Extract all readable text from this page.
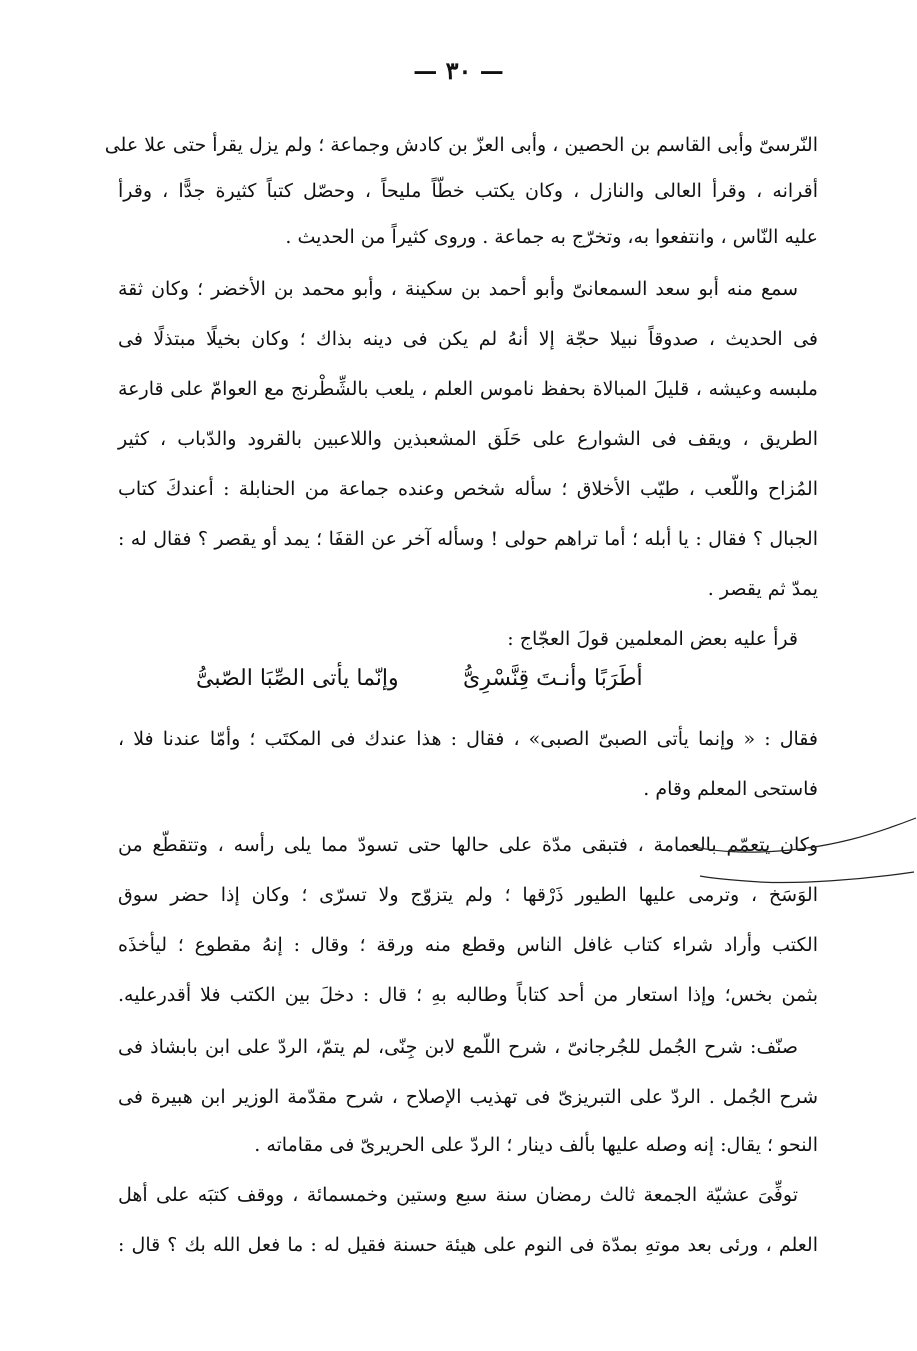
— ٣٠ —
النّرسىّ وأبى القاسم بن الحصين ، وأبى العزّ بن كادش وجماعة ؛ ولم يزل يقرأ حتى علا على
أقرانه ، وقرأ العالى والنازل ، وكان يكتب خطّاً مليحاً ، وحصّل كتباً كثيرة جدًّا ، وقرأ
عليه النّاس ، وانتفعوا به، وتخرّج به جماعة . وروى كثيراً من الحديث .
سمع منه أبو سعد السمعانىّ وأبو أحمد بن سكينة ، وأبو محمد بن الأخضر ؛ وكان ثقة
فى الحديث ، صدوقاً نبيلا حجّة إلا أنهُ لم يكن فى دينه بذاك ؛ وكان بخيلًا مبتذلًا فى
ملبسه وعيشه ، قليلَ المبالاة بحفظ ناموس العلم ، يلعب بالشِّطْرنج مع العوامّ على قارعة
الطريق ، ويقف فى الشوارع على حَلَق المشعبذين واللاعبين بالقرود والدّباب ، كثير
المُزاح واللّعب ، طيّب الأخلاق ؛ سأله شخص وعنده جماعة من الحنابلة : أعندكَ كتاب
الجبال ؟ فقال : يا أبله ؛ أما تراهم حولى ! وسأله آخر عن القفَا ؛ يمد أو يقصر ؟ فقال له :
يمدّ ثم يقصر .
قرأ عليه بعض المعلمين قولَ العجّاج :
أطَرَبًا وأنـتَ قِنَّسْرِىُّ
وإنّما يأتى الصِّبَا الصّبىُّ
فقال : « وإنما يأتى الصبىّ الصبى» ، فقال : هذا عندك فى المكتَب ؛ وأمّا عندنا فلا ،
فاستحى المعلم وقام .
وكان يتعمّم بالعمامة ، فتبقى مدّة على حالها حتى تسودّ مما يلى رأسه ، وتتقطّع من
الوَسَخ ، وترمى عليها الطيور ذَرْقها ؛ ولم يتزوّج ولا تسرّى ؛ وكان إذا حضر سوق
الكتب وأراد شراء كتاب غافل الناس وقطع منه ورقة ؛ وقال : إنهُ مقطوع ؛ ليأخذَه
بثمن بخس؛ وإذا استعار من أحد كتاباً وطالبه بهِ ؛ قال : دخلَ بين الكتب فلا أقدرعليه.
صنّف: شرح الجُمل للجُرجانىّ ، شرح اللّمع لابن جِنّى، لم يتمّ، الردّ على ابن بابشاذ فى
شرح الجُمل . الردّ على التبريزىّ فى تهذيب الإصلاح ، شرح مقدّمة الوزير ابن هبيرة فى
النحو ؛ يقال: إنه وصله عليها بألف دينار ؛ الردّ على الحريرىّ فى مقاماته .
توفِّىَ عشيّة الجمعة ثالث رمضان سنة سبع وستين وخمسمائة ، ووقف كتبَه على أهل
العلم ، ورئى بعد موتهِ بمدّة فى النوم على هيئة حسنة فقيل له : ما فعل الله بك ؟ قال :
